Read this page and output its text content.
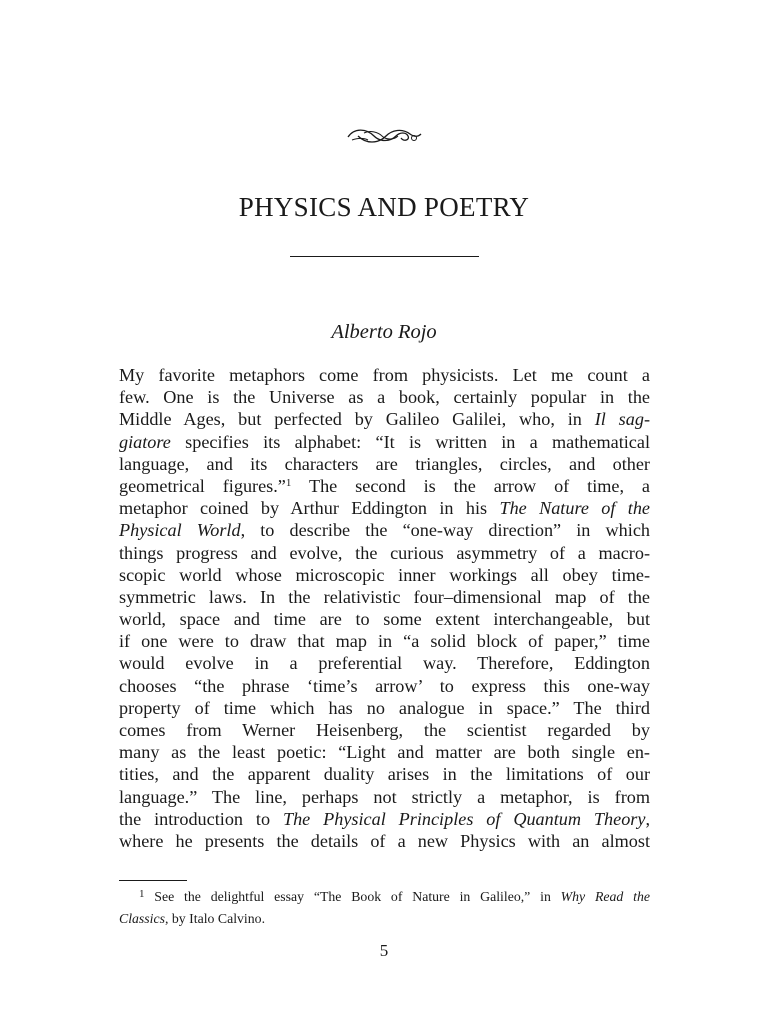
PHYSICS AND POETRY
Alberto Rojo
My favorite metaphors come from physicists. Let me count a
few. One is the Universe as a book, certainly popular in the
Middle Ages, but perfected by Galileo Galilei, who, in Il sag-
giatore specifies its alphabet: “It is written in a mathematical
language, and its characters are triangles, circles, and other
geometrical figures.”$^1$ The second is the arrow of time, a
metaphor coined by Arthur Eddington in his The Nature of the
Physical World, to describe the “one-way direction” in which
things progress and evolve, the curious asymmetry of a macro-
scopic world whose microscopic inner workings all obey time-
symmetric laws. In the relativistic four–dimensional map of the
world, space and time are to some extent interchangeable, but
if one were to draw that map in “a solid block of paper,” time
would evolve in a preferential way. Therefore, Eddington
chooses “the phrase ‘time’s arrow’ to express this one-way
property of time which has no analogue in space.” The third
comes from Werner Heisenberg, the scientist regarded by
many as the least poetic: “Light and matter are both single en-
tities, and the apparent duality arises in the limitations of our
language.” The line, perhaps not strictly a metaphor, is from
the introduction to The Physical Principles of Quantum Theory,
where he presents the details of a new Physics with an almost
$^1$ See the delightful essay “The Book of Nature in Galileo,” in Why Read the
Classics, by Italo Calvino.
5
